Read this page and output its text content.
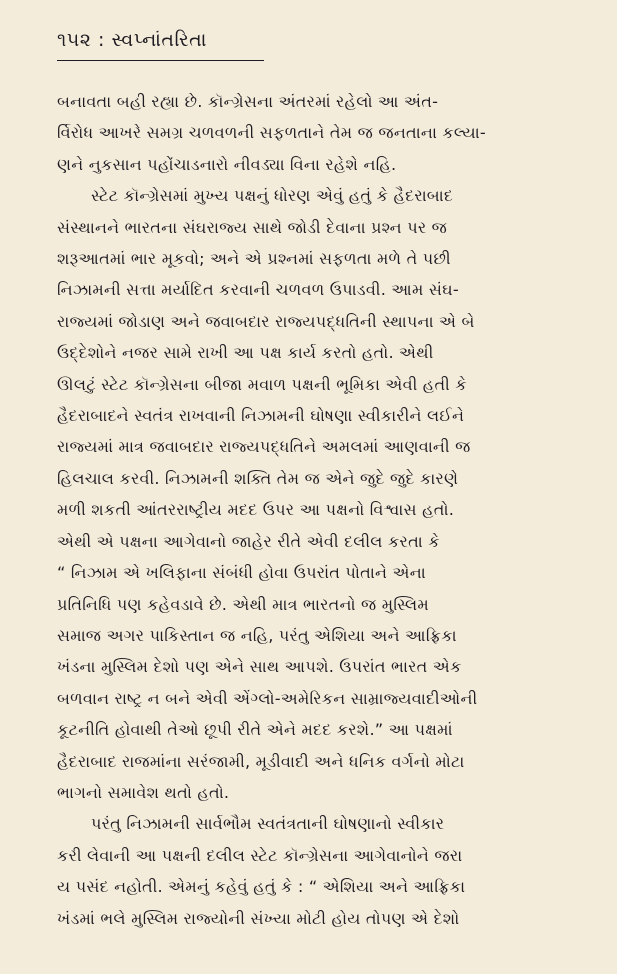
૧૫૨ : સ્વપ્નાંતરિતા
બનાવતા બહી રહ્યા છે. કૉન્ગ્રેસના અંતરમાં રહેલો આ અંત-
ર્વિરોધ આખરે સમગ્ર ચળવળની સફળતાને તેમ જ જનતાના કલ્યા-
ણને નુકસાન પહોંચાડનારો નીવડ્યા વિના રહેશે નહિ.
સ્ટેટ કૉન્ગ્રેસમાં મુખ્ય પક્ષનું ધોરણ એવું હતું કે હૈદરાબાદ
સંસ્થાનને ભારતના સંઘરાજ્ય સાથે જોડી દેવાના પ્રશ્ન પર જ
શરૂઆતમાં ભાર મૂકવો; અને એ પ્રશ્નમાં સફળતા મળે તે પછી
નિઝામની સત્તા મર્યાદિત કરવાની ચળવળ ઉપાડવી. આમ સંઘ-
રાજ્યમાં જોડાણ અને જવાબદાર રાજ્યપદ્ધતિની સ્થાપના એ બે
ઉદ્દેશોને નજર સામે રાખી આ પક્ષ કાર્ય કરતો હતો. એથી
ઊલટું સ્ટેટ કૉન્ગ્રેસના બીજા મવાળ પક્ષની ભૂમિકા એવી હતી કે
હૈદરાબાદને સ્વતંત્ર રાખવાની નિઝામની ઘોષણા સ્વીકારીને લઈને
રાજ્યમાં માત્ર જવાબદાર રાજ્યપદ્ધતિને અમલમાં આણવાની જ
હિલચાલ કરવી. નિઝામની શક્તિ તેમ જ એને જુદે જુદે કારણે
મળી શકતી આંતરરાષ્ટ્રીય મદદ ઉપર આ પક્ષનો વિશ્વાસ હતો.
એથી એ પક્ષના આગેવાનો જાહેર રીતે એવી દલીલ કરતા કે
“ નિઝામ એ ખલિફાના સંબંધી હોવા ઉપરાંત પોતાને એના
પ્રતિનિધિ પણ કહેવડાવે છે. એથી માત્ર ભારતનો જ મુસ્લિમ
સમાજ અગર પાકિસ્તાન જ નહિ, પરંતુ એશિયા અને આફ્રિકા
ખંડના મુસ્લિમ દેશો પણ એને સાથ આપશે. ઉપરાંત ભારત એક
બળવાન રાષ્ટ્ર ન બને એવી એંગ્લો-અમેરિકન સામ્રાજ્યવાદીઓની
કૂટનીતિ હોવાથી તેઓ છૂપી રીતે એને મદદ કરશે.” આ પક્ષમાં
હૈદરાબાદ રાજમાંના સરંજામી, મૂડીવાદી અને ધનિક વર્ગનો મોટા
ભાગનો સમાવેશ થતો હતો.
પરંતુ નિઝામની સાર્વભૌમ સ્વતંત્રતાની ઘોષણાનો સ્વીકાર
કરી લેવાની આ પક્ષની દલીલ સ્ટેટ કૉન્ગ્રેસના આગેવાનોને જરા
ય પસંદ નહોતી. એમનું કહેવું હતું કે : “ એશિયા અને આફ્રિકા
ખંડમાં ભલે મુસ્લિમ રાજ્યોની સંખ્યા મોટી હોય તોપણ એ દેશો
